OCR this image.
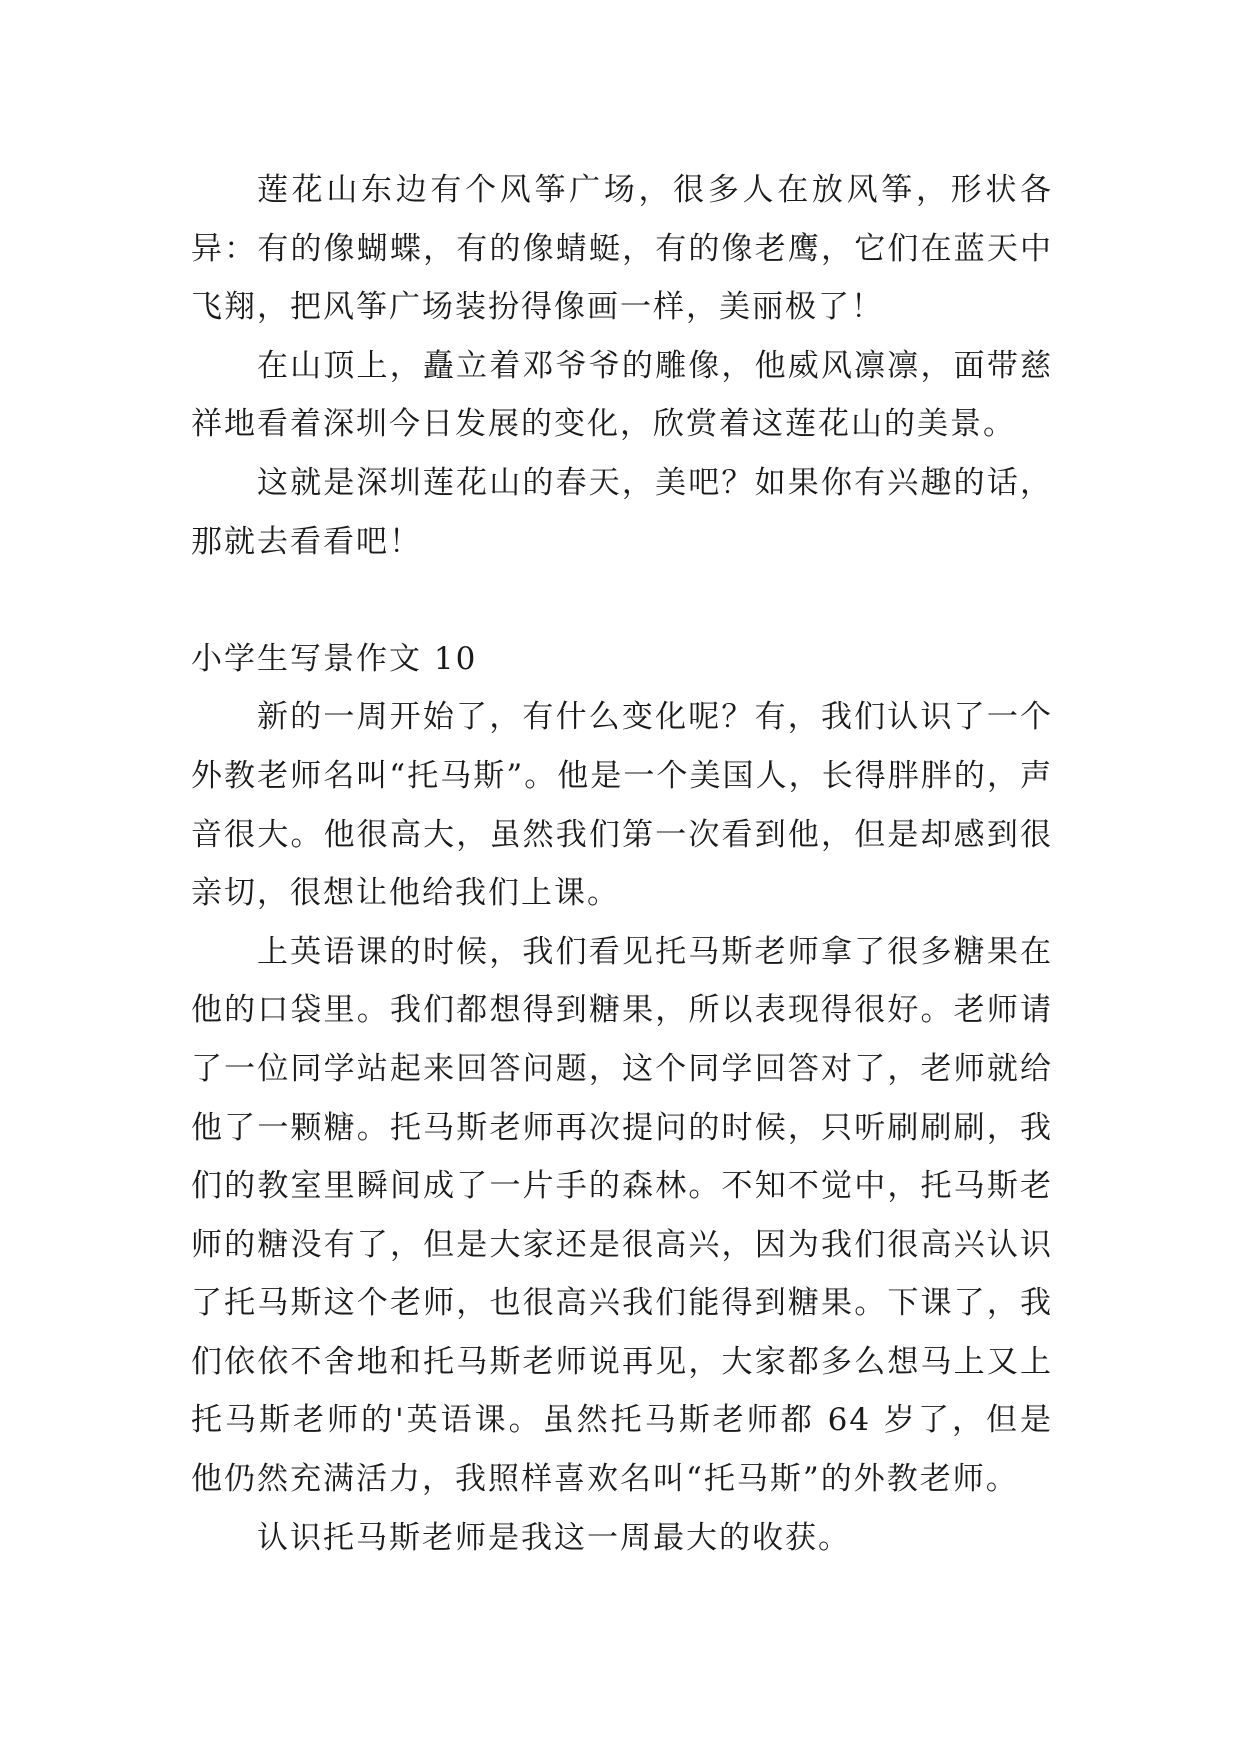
莲花山东边有个风筝广场，很多人在放风筝，形状各异：有的像蝴蝶，有的像蜻蜓，有的像老鹰，它们在蓝天中飞翔，把风筝广场装扮得像画一样，美丽极了！

在山顶上，矗立着邓爷爷的雕像，他威风凛凛，面带慈祥地看着深圳今日发展的变化，欣赏着这莲花山的美景。

这就是深圳莲花山的春天，美吧？如果你有兴趣的话，那就去看看吧！

小学生写景作文 10

新的一周开始了，有什么变化呢？有，我们认识了一个外教老师名叫“托马斯”。他是一个美国人，长得胖胖的，声音很大。他很高大，虽然我们第一次看到他，但是却感到很亲切，很想让他给我们上课。

上英语课的时候，我们看见托马斯老师拿了很多糖果在他的口袋里。我们都想得到糖果，所以表现得很好。老师请了一位同学站起来回答问题，这个同学回答对了，老师就给他了一颗糖。托马斯老师再次提问的时候，只听刷刷刷，我们的教室里瞬间成了一片手的森林。不知不觉中，托马斯老师的糖没有了，但是大家还是很高兴，因为我们很高兴认识了托马斯这个老师，也很高兴我们能得到糖果。下课了，我们依依不舍地和托马斯老师说再见，大家都多么想马上又上托马斯老师的'英语课。虽然托马斯老师都 64 岁了，但是他仍然充满活力，我照样喜欢名叫“托马斯”的外教老师。

认识托马斯老师是我这一周最大的收获。
